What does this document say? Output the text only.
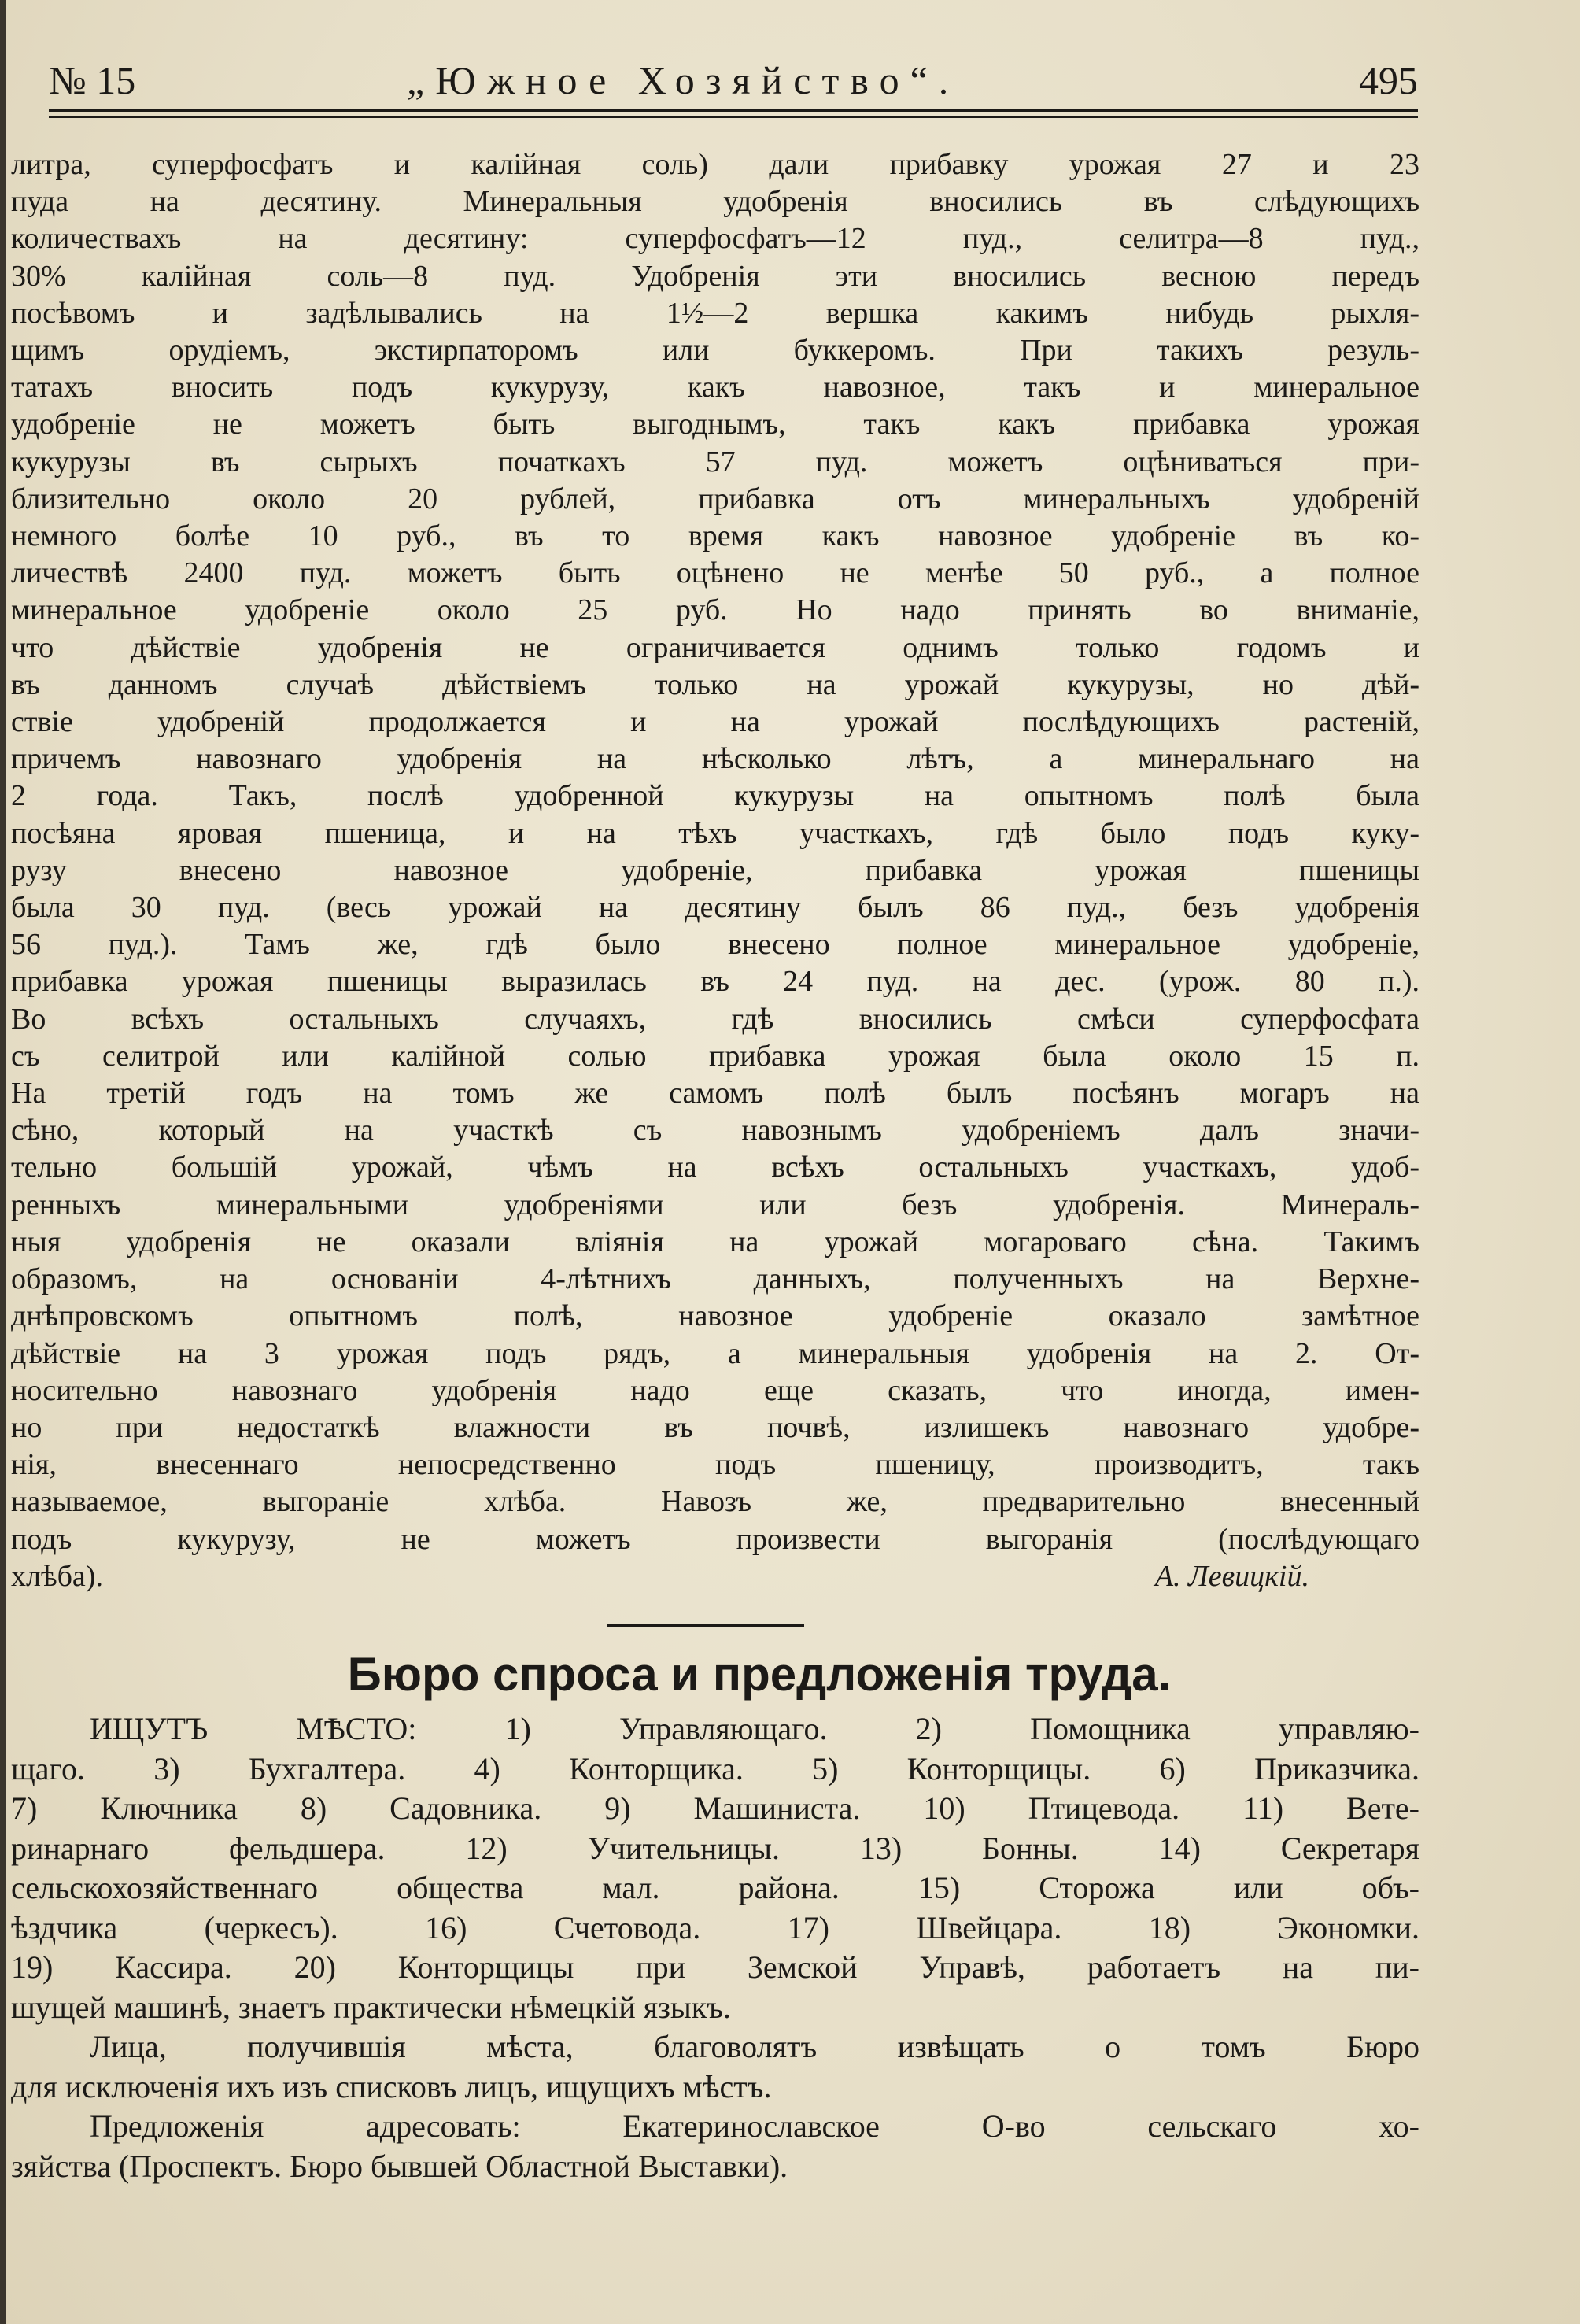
№ 15	„Южное Хозяйство“.	495
литра, суперфосфатъ и калійная соль) дали прибавку урожая 27 и 23
пуда на десятину. Минеральныя удобренія вносились въ слѣдующихъ
количествахъ на десятину: суперфосфатъ—12 пуд., селитра—8 пуд.,
30% калійная соль—8 пуд. Удобренія эти вносились весною передъ
посѣвомъ и задѣлывались на 1½—2 вершка какимъ нибудь рыхля-
щимъ орудіемъ, экстирпаторомъ или буккеромъ. При такихъ резуль-
татахъ вносить подъ кукурузу, какъ навозное, такъ и минеральное
удобреніе не можетъ быть выгоднымъ, такъ какъ прибавка урожая
кукурузы въ сырыхъ початкахъ 57 пуд. можетъ оцѣниваться при-
близительно около 20 рублей, прибавка отъ минеральныхъ удобреній
немного болѣе 10 руб., въ то время какъ навозное удобреніе въ ко-
личествѣ 2400 пуд. можетъ быть оцѣнено не менѣе 50 руб., а полное
минеральное удобреніе около 25 руб. Но надо принять во вниманіе,
что дѣйствіе удобренія не ограничивается однимъ только годомъ и
въ данномъ случаѣ дѣйствіемъ только на урожай кукурузы, но дѣй-
ствіе удобреній продолжается и на урожай послѣдующихъ растеній,
причемъ навознаго удобренія на нѣсколько лѣтъ, а минеральнаго на
2 года. Такъ, послѣ удобренной кукурузы на опытномъ полѣ была
посѣяна яровая пшеница, и на тѣхъ участкахъ, гдѣ было подъ куку-
рузу внесено навозное удобреніе, прибавка урожая пшеницы
была 30 пуд. (весь урожай на десятину былъ 86 пуд., безъ удобренія
56 пуд.). Тамъ же, гдѣ было внесено полное минеральное удобреніе,
прибавка урожая пшеницы выразилась въ 24 пуд. на дес. (урож. 80 п.).
Во всѣхъ остальныхъ случаяхъ, гдѣ вносились смѣси суперфосфата
съ селитрой или калійной солью прибавка урожая была около 15 п.
На третій годъ на томъ же самомъ полѣ былъ посѣянъ могаръ на
сѣно, который на участкѣ съ навознымъ удобреніемъ далъ значи-
тельно большій урожай, чѣмъ на всѣхъ остальныхъ участкахъ, удоб-
ренныхъ минеральными удобреніями или безъ удобренія. Минераль-
ныя удобренія не оказали вліянія на урожай могароваго сѣна. Такимъ
образомъ, на основаніи 4-лѣтнихъ данныхъ, полученныхъ на Верхне-
днѣпровскомъ опытномъ полѣ, навозное удобреніе оказало замѣтное
дѣйствіе на 3 урожая подъ рядъ, а минеральныя удобренія на 2. От-
носительно навознаго удобренія надо еще сказать, что иногда, имен-
но при недостаткѣ влажности въ почвѣ, излишекъ навознаго удобре-
нія, внесеннаго непосредственно подъ пшеницу, производитъ, такъ
называемое, выгораніе хлѣба. Навозъ же, предварительно внесенный
подъ кукурузу, не можетъ произвести выгоранія (послѣдующаго
хлѣба).	А. Левицкій.
Бюро спроса и предложенія труда.
ИЩУТЪ МѢСТО: 1) Управляющаго. 2) Помощника управляю-
щаго. 3) Бухгалтера. 4) Конторщика. 5) Конторщицы. 6) Приказчика.
7) Ключника 8) Садовника. 9) Машиниста. 10) Птицевода. 11) Вете-
ринарнаго фельдшера. 12) Учительницы. 13) Бонны. 14) Секретаря
сельскохозяйственнаго общества мал. района. 15) Сторожа или объ-
ѣздчика (черкесъ). 16) Счетовода. 17) Швейцара. 18) Экономки.
19) Кассира. 20) Конторщицы при Земской Управѣ, работаетъ на пи-
шущей машинѣ, знаетъ практически нѣмецкій языкъ.
Лица, получившія мѣста, благоволятъ извѣщать о томъ Бюро
для исключенія ихъ изъ списковъ лицъ, ищущихъ мѣстъ.
Предложенія адресовать: Екатеринославское О-во сельскаго хо-
зяйства (Проспектъ. Бюро бывшей Областной Выставки).
